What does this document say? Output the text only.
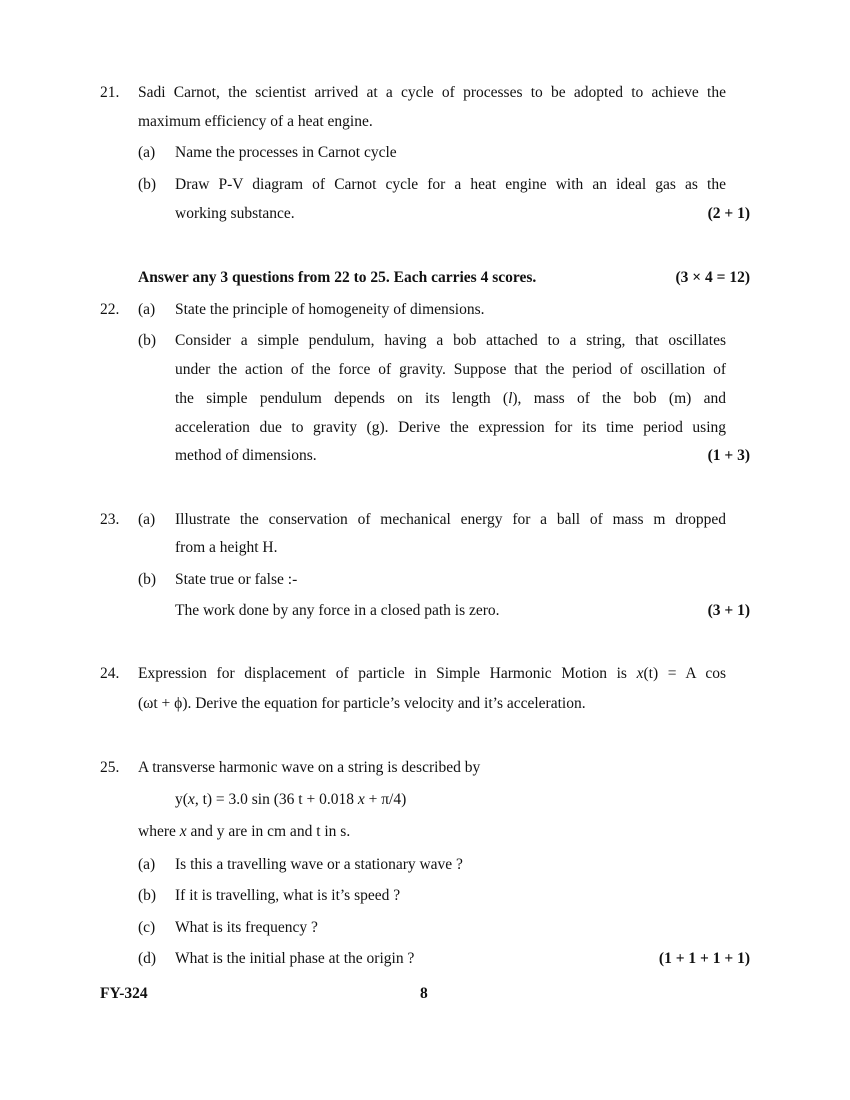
21. Sadi Carnot, the scientist arrived at a cycle of processes to be adopted to achieve the
maximum efficiency of a heat engine.
(a) Name the processes in Carnot cycle
(b) Draw P-V diagram of Carnot cycle for a heat engine with an ideal gas as the
working substance.	(2 + 1)
Answer any 3 questions from 22 to 25. Each carries 4 scores.	(3 × 4 = 12)
22. (a) State the principle of homogeneity of dimensions.
(b) Consider a simple pendulum, having a bob attached to a string, that oscillates
under the action of the force of gravity. Suppose that the period of oscillation of
the simple pendulum depends on its length (l), mass of the bob (m) and
acceleration due to gravity (g). Derive the expression for its time period using
method of dimensions.	(1 + 3)
23. (a) Illustrate the conservation of mechanical energy for a ball of mass m dropped
from a height H.
(b) State true or false :-
The work done by any force in a closed path is zero.	(3 + 1)
24. Expression for displacement of particle in Simple Harmonic Motion is x(t) = A cos
(ωt + ϕ). Derive the equation for particle’s velocity and it’s acceleration.
25. A transverse harmonic wave on a string is described by
y(x, t) = 3.0 sin (36 t + 0.018 x + π/4)
where x and y are in cm and t in s.
(a) Is this a travelling wave or a stationary wave ?
(b) If it is travelling, what is it’s speed ?
(c) What is its frequency ?
(d) What is the initial phase at the origin ?	(1 + 1 + 1 + 1)
FY-324	8
